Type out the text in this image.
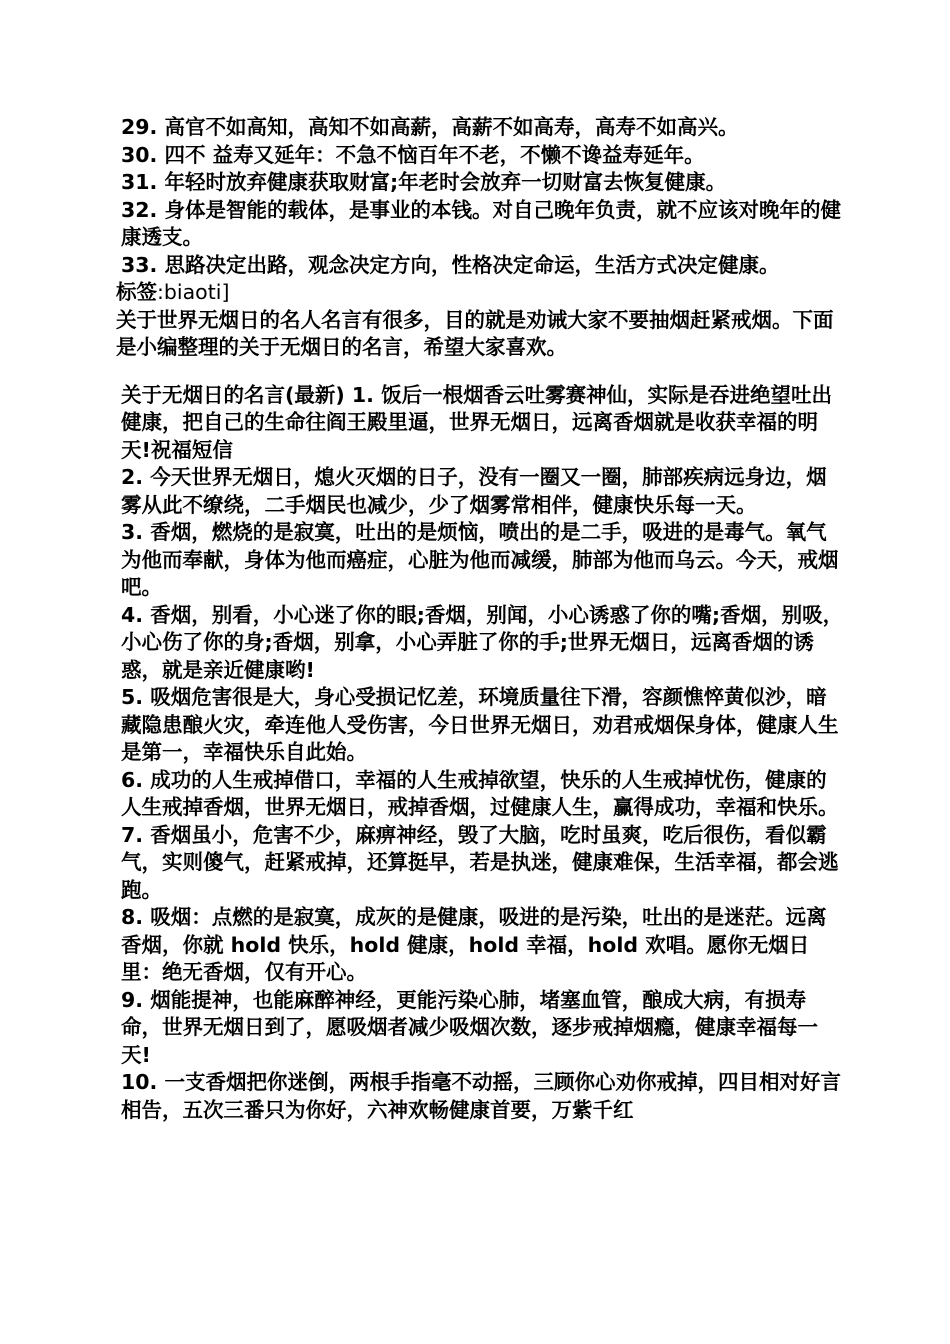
29. 高官不如高知，高知不如高薪，高薪不如高寿，高寿不如高兴。

30. 四不 益寿又延年：不急不恼百年不老，不懒不谗益寿延年。

31. 年轻时放弃健康获取财富;年老时会放弃一切财富去恢复健康。

32. 身体是智能的载体，是事业的本钱。对自己晚年负责，就不应该对晚年的健康透支。

33. 思路决定出路，观念决定方向，性格决定命运，生活方式决定健康。

标签:biaoti]

关于世界无烟日的名人名言有很多，目的就是劝诫大家不要抽烟赶紧戒烟。下面是小编整理的关于无烟日的名言，希望大家喜欢。

关于无烟日的名言(最新) 1. 饭后一根烟香云吐雾赛神仙，实际是吞进绝望吐出健康，把自己的生命往阎王殿里逼，世界无烟日，远离香烟就是收获幸福的明天!祝福短信

2. 今天世界无烟日，熄火灭烟的日子，没有一圈又一圈，肺部疾病远身边，烟雾从此不缭绕，二手烟民也减少，少了烟雾常相伴，健康快乐每一天。

3. 香烟，燃烧的是寂寞，吐出的是烦恼，喷出的是二手，吸进的是毒气。氧气为他而奉献，身体为他而癌症，心脏为他而减缓，肺部为他而乌云。今天，戒烟吧。

4. 香烟，别看，小心迷了你的眼;香烟，别闻，小心诱惑了你的嘴;香烟，别吸，小心伤了你的身;香烟，别拿，小心弄脏了你的手;世界无烟日，远离香烟的诱惑，就是亲近健康哟!

5. 吸烟危害很是大，身心受损记忆差，环境质量往下滑，容颜憔悴黄似沙，暗藏隐患酿火灾，牵连他人受伤害，今日世界无烟日，劝君戒烟保身体，健康人生是第一，幸福快乐自此始。

6. 成功的人生戒掉借口，幸福的人生戒掉欲望，快乐的人生戒掉忧伤，健康的人生戒掉香烟，世界无烟日，戒掉香烟，过健康人生，赢得成功，幸福和快乐。

7. 香烟虽小，危害不少，麻痹神经，毁了大脑，吃时虽爽，吃后很伤，看似霸气，实则傻气，赶紧戒掉，还算挺早，若是执迷，健康难保，生活幸福，都会逃跑。

8. 吸烟：点燃的是寂寞，成灰的是健康，吸进的是污染，吐出的是迷茫。远离香烟，你就 hold 快乐，hold 健康，hold 幸福，hold 欢唱。愿你无烟日里：绝无香烟，仅有开心。

9. 烟能提神，也能麻醉神经，更能污染心肺，堵塞血管，酿成大病，有损寿命，世界无烟日到了，愿吸烟者减少吸烟次数，逐步戒掉烟瘾，健康幸福每一天!

10. 一支香烟把你迷倒，两根手指毫不动摇，三顾你心劝你戒掉，四目相对好言相告，五次三番只为你好，六神欢畅健康首要，万紫千红
